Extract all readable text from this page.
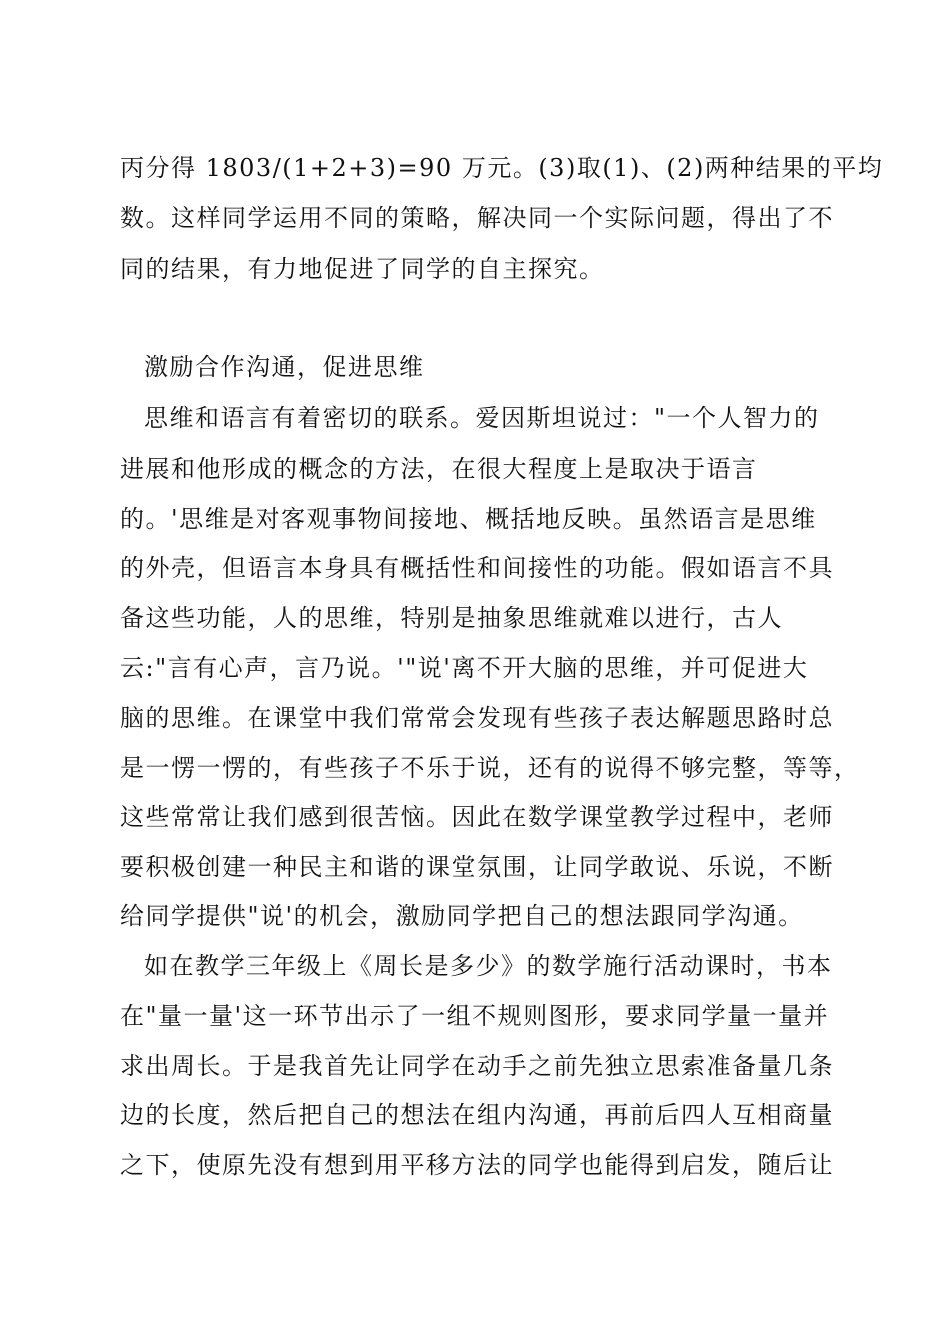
丙分得 1803/(1+2+3)=90 万元。(3)取(1)、(2)两种结果的平均
数。这样同学运用不同的策略，解决同一个实际问题，得出了不
同的结果，有力地促进了同学的自主探究。
激励合作沟通，促进思维
思维和语言有着密切的联系。爱因斯坦说过："一个人智力的
进展和他形成的概念的方法，在很大程度上是取决于语言
的。'思维是对客观事物间接地、概括地反映。虽然语言是思维
的外壳，但语言本身具有概括性和间接性的功能。假如语言不具
备这些功能，人的思维，特别是抽象思维就难以进行，古人
云:"言有心声，言乃说。'"说'离不开大脑的思维，并可促进大
脑的思维。在课堂中我们常常会发现有些孩子表达解题思路时总
是一愣一愣的，有些孩子不乐于说，还有的说得不够完整，等等，
这些常常让我们感到很苦恼。因此在数学课堂教学过程中，老师
要积极创建一种民主和谐的课堂氛围，让同学敢说、乐说，不断
给同学提供"说'的机会，激励同学把自己的想法跟同学沟通。
如在教学三年级上《周长是多少》的数学施行活动课时，书本
在"量一量'这一环节出示了一组不规则图形，要求同学量一量并
求出周长。于是我首先让同学在动手之前先独立思索准备量几条
边的长度，然后把自己的想法在组内沟通，再前后四人互相商量
之下，使原先没有想到用平移方法的同学也能得到启发，随后让
